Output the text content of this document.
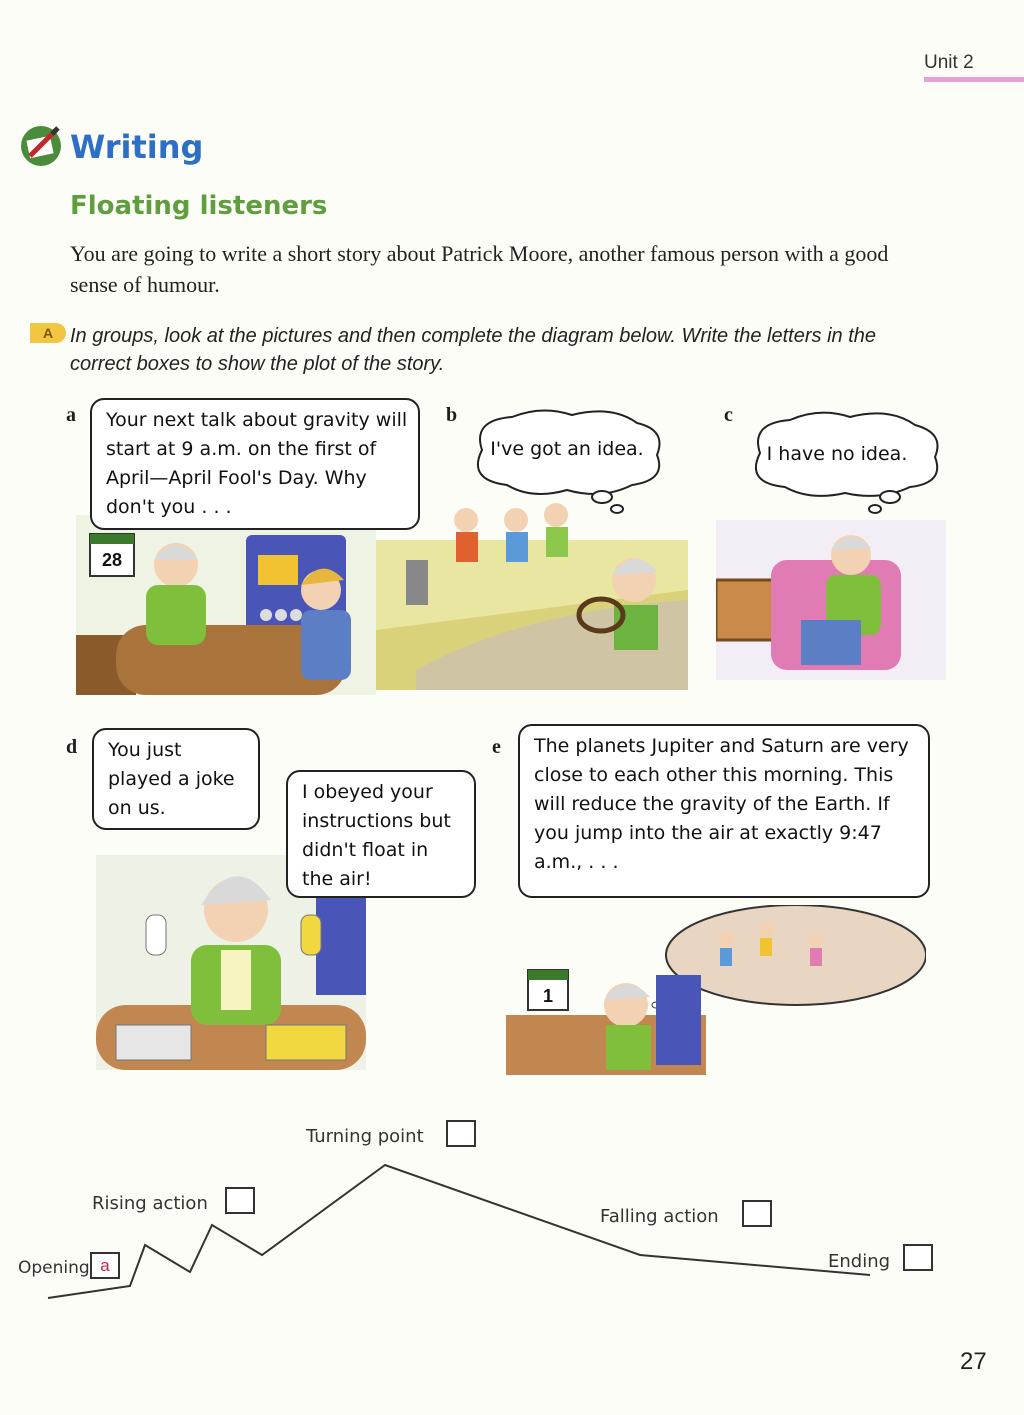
Unit 2
Writing
Floating listeners
You are going to write a short story about Patrick Moore, another famous person with a good sense of humour.
A In groups, look at the pictures and then complete the diagram below. Write the letters in the correct boxes to show the plot of the story.
a
28
Your next talk about gravity will start at 9 a.m. on the first of April—April Fool's Day. Why don't you . . .
b
I've got an idea.
c
I have no idea.
d	You just played a joke on us.
I obeyed your instructions but didn't float in the air!
e
1
The planets Jupiter and Saturn are very close to each other this morning. This will reduce the gravity of the Earth. If you jump into the air at exactly 9:47 a.m., . . .
Opening a
Rising action
Turning point
Falling action
Ending
27
